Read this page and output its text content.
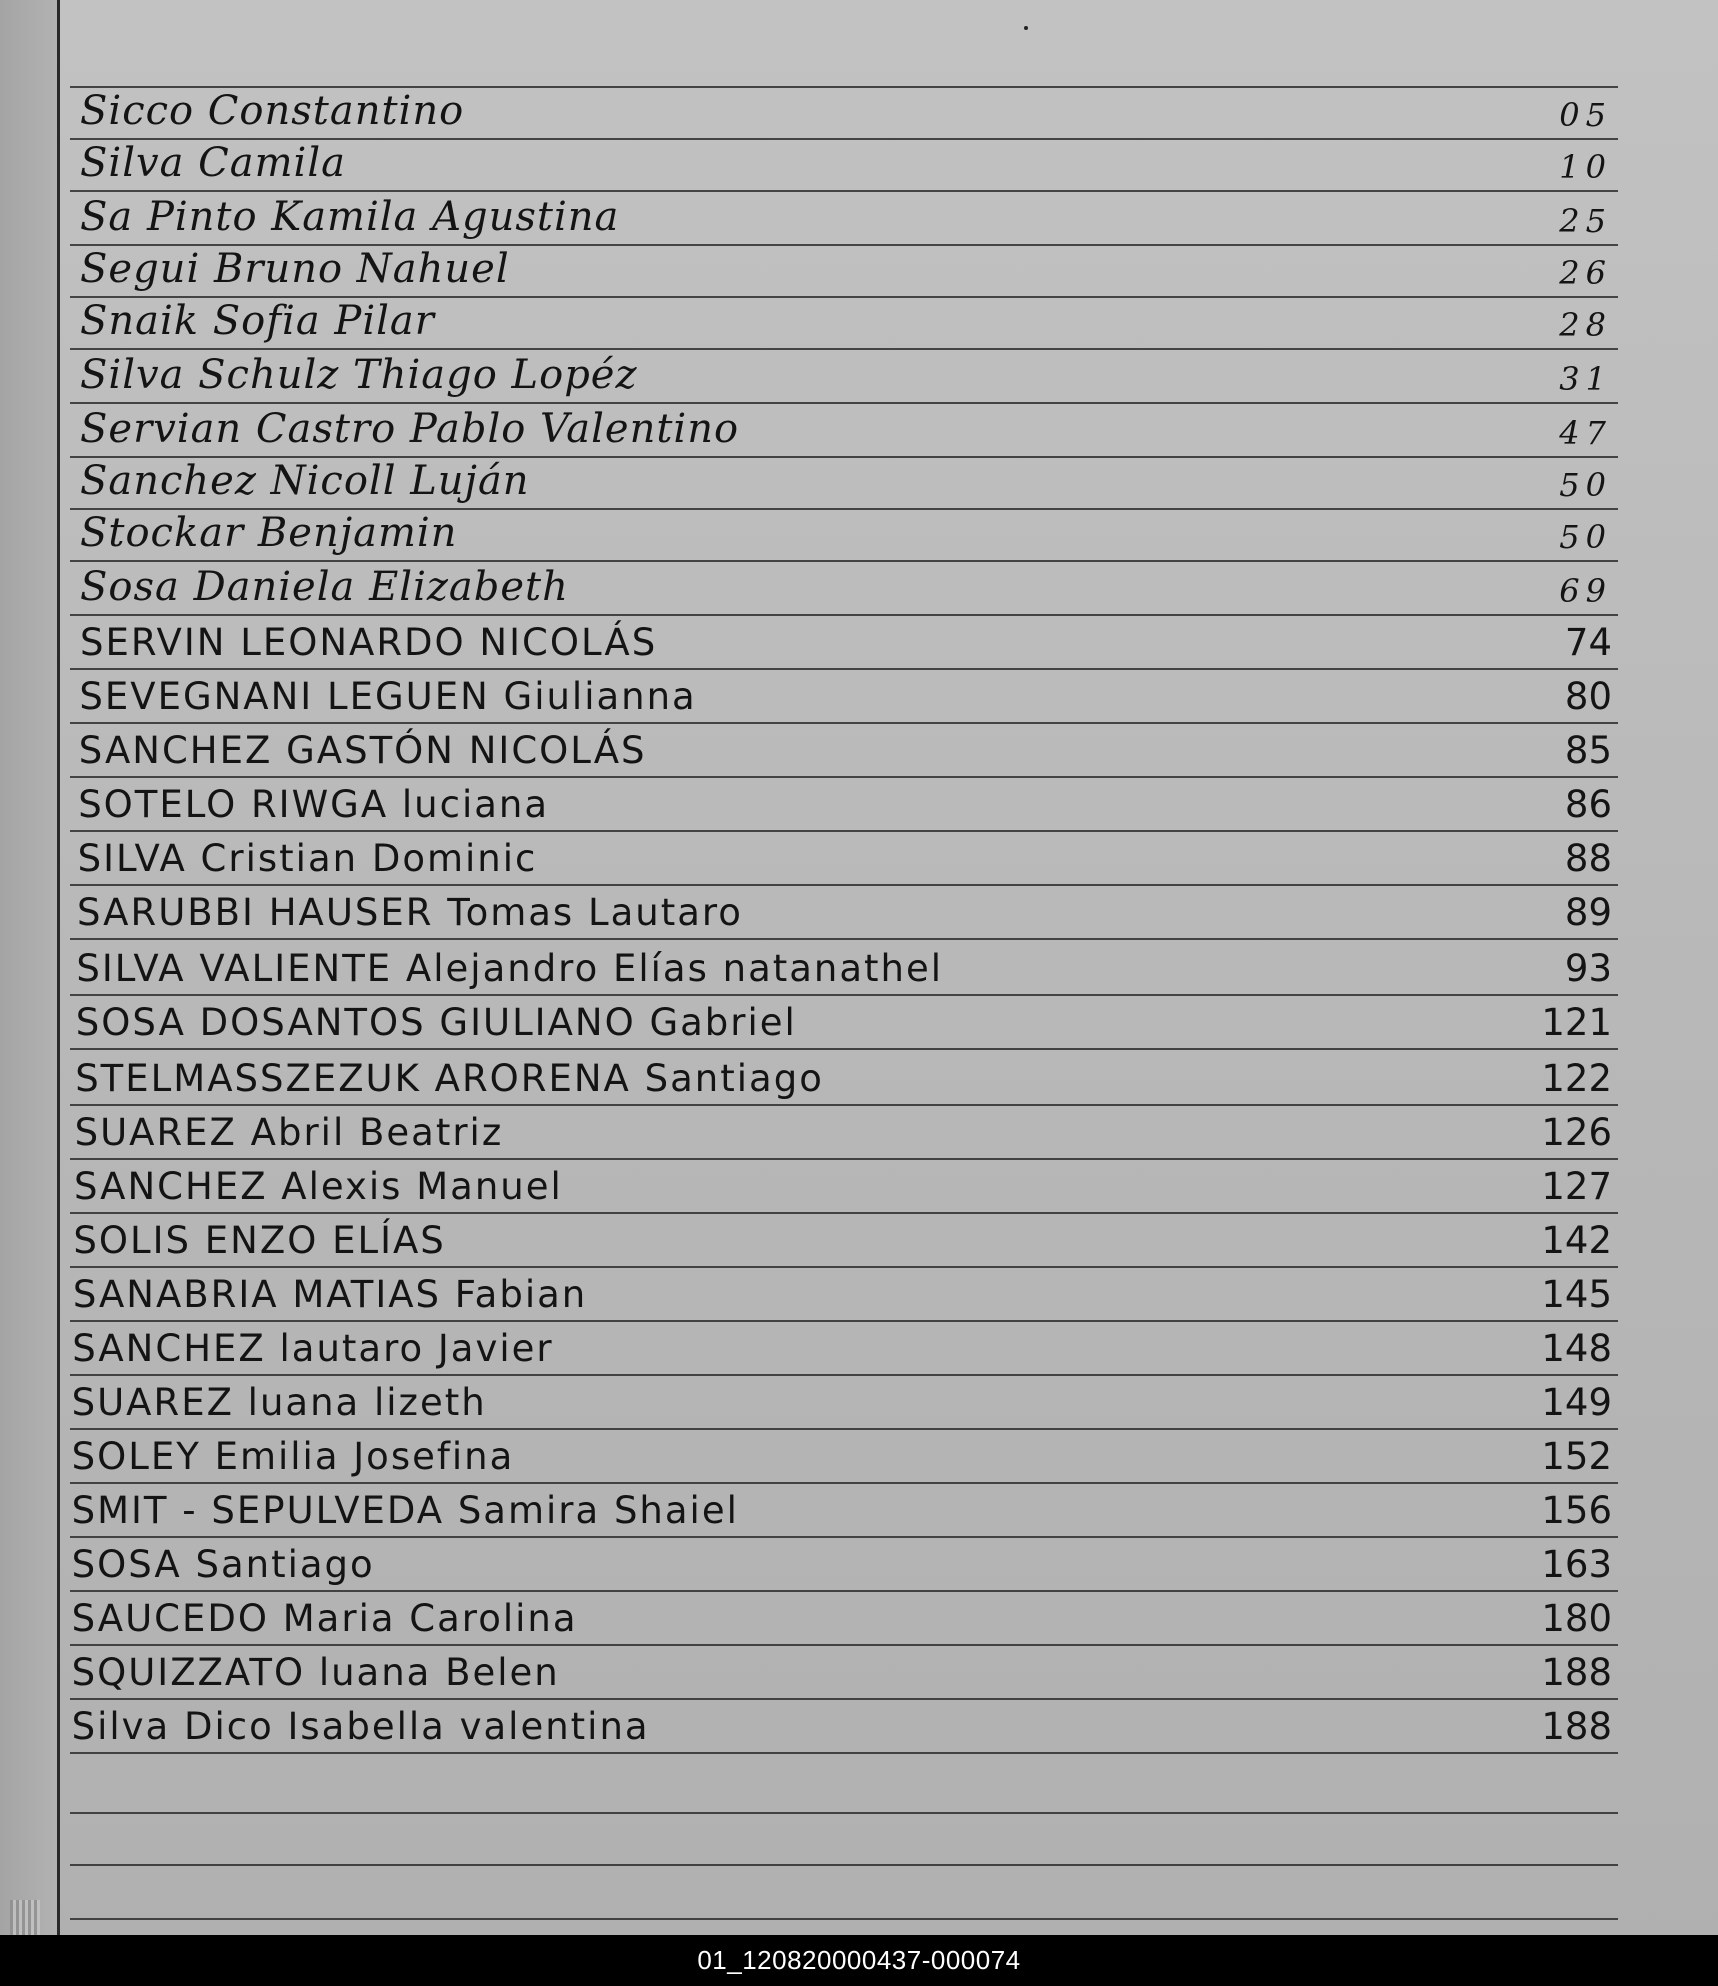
Sicco Constantino	05
Silva Camila	10
Sa Pinto Kamila Agustina	25
Segui Bruno Nahuel	26
Snaik Sofia Pilar	28
Silva Schulz Thiago Lopéz	31
Servian Castro Pablo Valentino	47
Sanchez Nicoll Luján	50
Stockar Benjamin	50
Sosa Daniela Elizabeth	69
SERVIN LEONARDO NICOLÁS	74
SEVEGNANI LEGUEN Giulianna	80
SANCHEZ GASTÓN NICOLÁS	85
SOTELO RIWGA luciana	86
SILVA Cristian Dominic	88
SARUBBI HAUSER Tomas Lautaro	89
SILVA VALIENTE Alejandro Elías natanathel	93
SOSA DOSANTOS GIULIANO Gabriel	121
STELMASSZEZUK ARORENA Santiago	122
SUAREZ Abril Beatriz	126
SANCHEZ Alexis Manuel	127
SOLIS ENZO ELÍAS	142
SANABRIA MATIAS Fabian	145
SANCHEZ lautaro Javier	148
SUAREZ luana lizeth	149
SOLEY Emilia Josefina	152
SMIT - SEPULVEDA Samira Shaiel	156
SOSA Santiago	163
SAUCEDO Maria Carolina	180
SQUIZZATO luana Belen	188
Silva Dico Isabella valentina	188
01_120820000437-000074
